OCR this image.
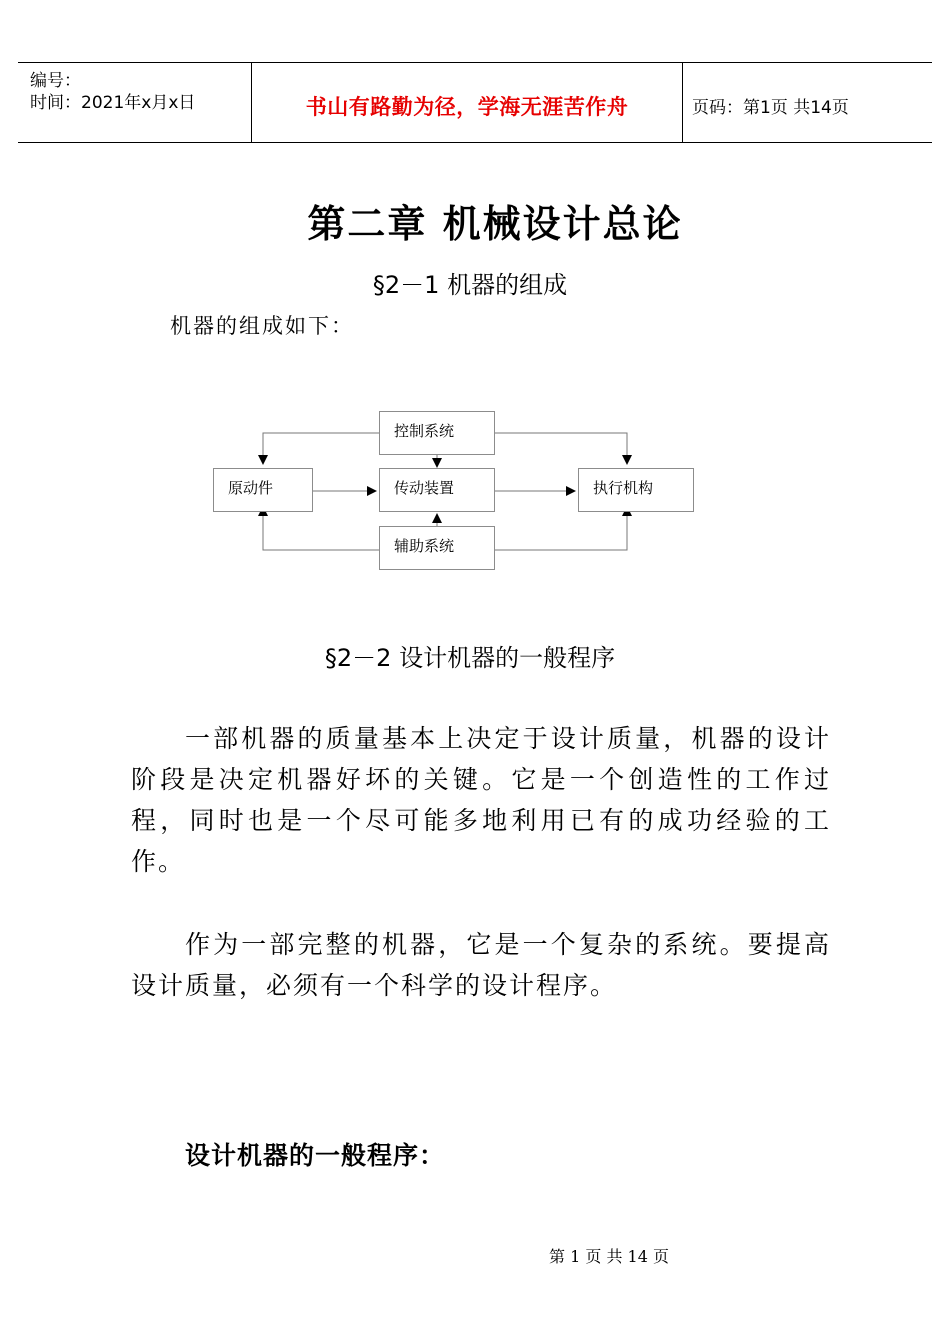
编号：
时间：2021年x月x日	书山有路勤为径，学海无涯苦作舟	页码：第1页 共14页
第二章 机械设计总论
§2－1 机器的组成
机器的组成如下：
控制系统
原动件	传动装置	执行机构
辅助系统
§2－2 设计机器的一般程序

一部机器的质量基本上决定于设计质量，机器的设计阶段是决定机器好坏的关键。它是一个创造性的工作过程，同时也是一个尽可能多地利用已有的成功经验的工作。

作为一部完整的机器，它是一个复杂的系统。要提高设计质量，必须有一个科学的设计程序。

设计机器的一般程序：
第 1 页 共 14 页
